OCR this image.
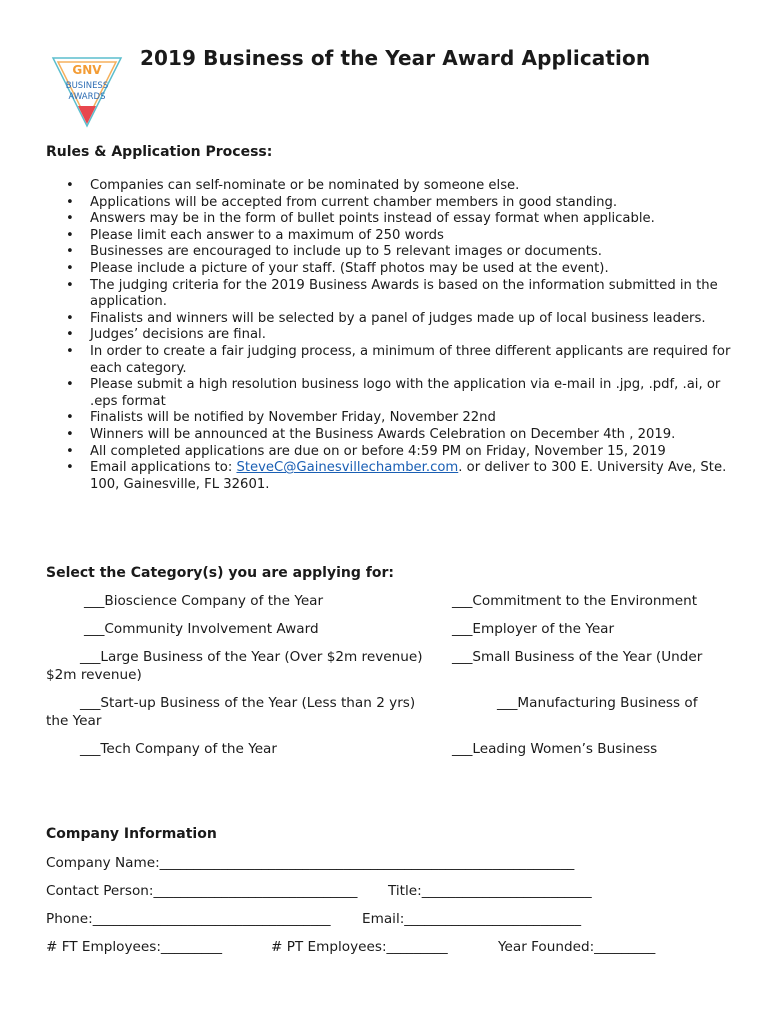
GNV
BUSINESS
AWARDS
2019 Business of the Year Award Application
Rules & Application Process:
• Companies can self-nominate or be nominated by someone else.
• Applications will be accepted from current chamber members in good standing.
• Answers may be in the form of bullet points instead of essay format when applicable.
• Please limit each answer to a maximum of 250 words
• Businesses are encouraged to include up to 5 relevant images or documents.
• Please include a picture of your staff. (Staff photos may be used at the event).
• The judging criteria for the 2019 Business Awards is based on the information submitted in the application.
• Finalists and winners will be selected by a panel of judges made up of local business leaders.
• Judges’ decisions are final.
• In order to create a fair judging process, a minimum of three different applicants are required for each category.
• Please submit a high resolution business logo with the application via e-mail in .jpg, .pdf, .ai, or .eps format
• Finalists will be notified by November Friday, November 22nd
• Winners will be announced at the Business Awards Celebration on December 4th , 2019.
• All completed applications are due on or before 4:59 PM on Friday, November 15, 2019
• Email applications to: SteveC@Gainesvillechamber.com. or deliver to 300 E. University Ave, Ste. 100, Gainesville, FL 32601.
Select the Category(s) you are applying for:
___Bioscience Company of the Year
___Community Involvement Award
___Large Business of the Year (Over $2m revenue)
$2m revenue)
___Start-up Business of the Year (Less than 2 yrs)
the Year
___Tech Company of the Year
___Commitment to the Environment
___Employer of the Year
___Small Business of the Year (Under
___Manufacturing Business of
___Leading Women’s Business
Company Information
Company Name:_____________________________________________________________
Contact Person:______________________________ Title:_________________________
Phone:___________________________________ Email:__________________________
# FT Employees:_________	# PT Employees:_________	Year Founded:_________
